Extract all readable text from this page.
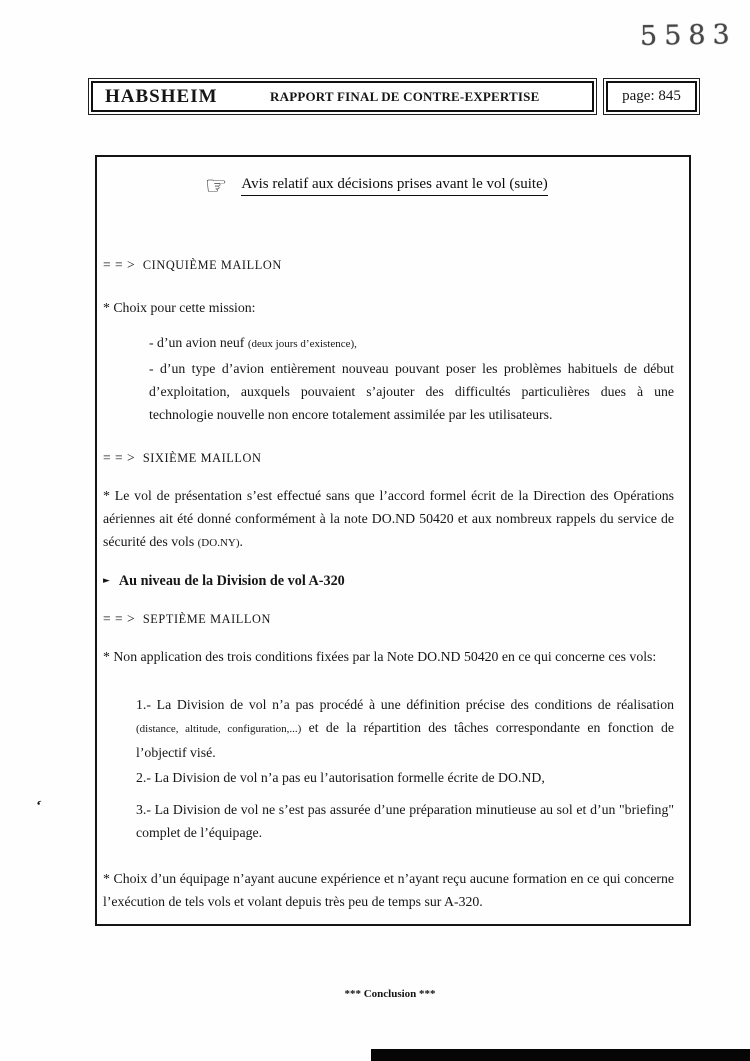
5583
HABSHEIM	RAPPORT FINAL DE CONTRE-EXPERTISE	page: 845
☞ Avis relatif aux décisions prises avant le vol (suite)
= = > CINQUIÈME MAILLON
* Choix pour cette mission:
- d’un avion neuf (deux jours d’existence),
- d’un type d’avion entièrement nouveau pouvant poser les problèmes habituels de début d’exploitation, auxquels pouvaient s’ajouter des difficultés particulières dues à une technologie nouvelle non encore totalement assimilée par les utilisateurs.
= = > SIXIÈME MAILLON
* Le vol de présentation s’est effectué sans que l’accord formel écrit de la Direction des Opérations aériennes ait été donné conformément à la note DO.ND 50420 et aux nombreux rappels du service de sécurité des vols (DO.NY).
► Au niveau de la Division de vol A-320
= = > SEPTIÈME MAILLON
* Non application des trois conditions fixées par la Note DO.ND 50420 en ce qui concerne ces vols:
1.- La Division de vol n’a pas procédé à une définition précise des conditions de réalisation (distance, altitude, configuration,...) et de la répartition des tâches correspondante en fonction de l’objectif visé.
2.- La Division de vol n’a pas eu l’autorisation formelle écrite de DO.ND,
3.- La Division de vol ne s’est pas assurée d’une préparation minutieuse au sol et d’un "briefing" complet de l’équipage.
* Choix d’un équipage n’ayant aucune expérience et n’ayant reçu aucune formation en ce qui concerne l’exécution de tels vols et volant depuis très peu de temps sur A-320.
*** Conclusion ***
‘
